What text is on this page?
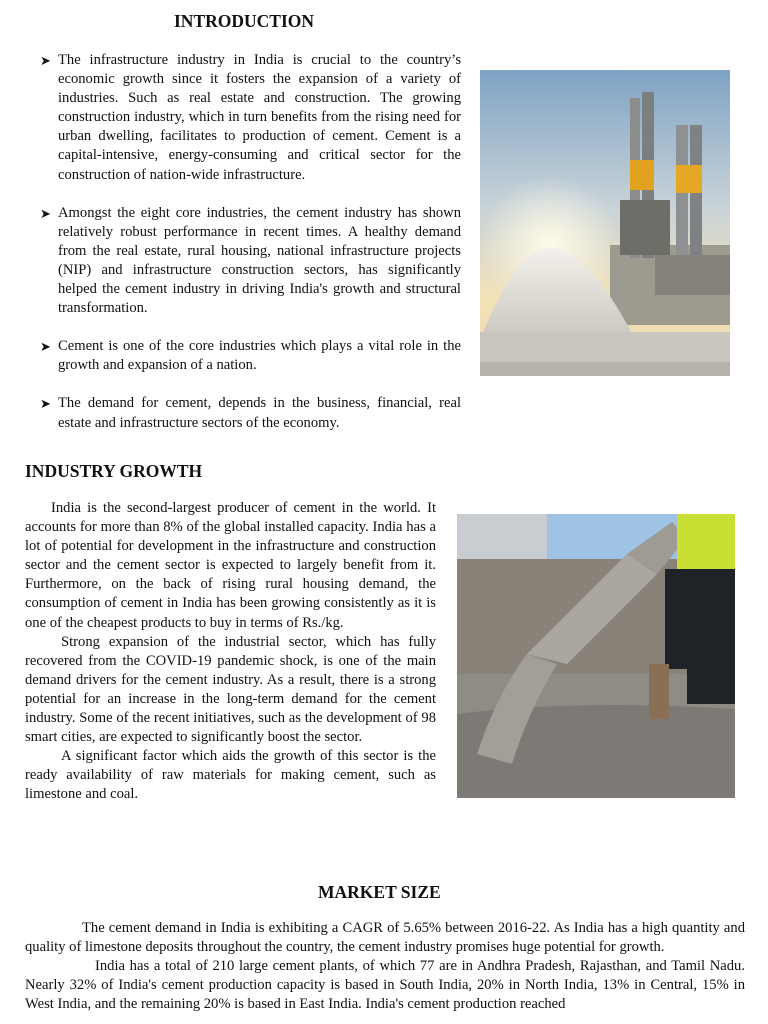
INTRODUCTION
➤ The infrastructure industry in India is crucial to the country’s economic growth since it fosters the expansion of a variety of industries. Such as real estate and construction. The growing construction industry, which in turn benefits from the rising need for urban dwelling, facilitates to production of cement. Cement is a capital-intensive, energy-consuming and critical sector for the construction of nation-wide infrastructure.
➤ Amongst the eight core industries, the cement industry has shown relatively robust performance in recent times. A healthy demand from the real estate, rural housing, national infrastructure projects (NIP) and infrastructure construction sectors, has significantly helped the cement industry in driving India's growth and structural transformation.
➤ Cement is one of the core industries which plays a vital role in the growth and expansion of a nation.
➤ The demand for cement, depends in the business, financial, real estate and infrastructure sectors of the economy.
INDUSTRY GROWTH

India is the second-largest producer of cement in the world. It accounts for more than 8% of the global installed capacity. India has a lot of potential for development in the infrastructure and construction sector and the cement sector is expected to largely benefit from it. Furthermore, on the back of rising rural housing demand, the consumption of cement in India has been growing consistently as it is one of the cheapest products to buy in terms of Rs./kg.

Strong expansion of the industrial sector, which has fully recovered from the COVID-19 pandemic shock, is one of the main demand drivers for the cement industry. As a result, there is a strong potential for an increase in the long-term demand for the cement industry. Some of the recent initiatives, such as the development of 98 smart cities, are expected to significantly boost the sector.

A significant factor which aids the growth of this sector is the ready availability of raw materials for making cement, such as limestone and coal.

MARKET SIZE

The cement demand in India is exhibiting a CAGR of 5.65% between 2016-22. As India has a high quantity and quality of limestone deposits throughout the country, the cement industry promises huge potential for growth.

India has a total of 210 large cement plants, of which 77 are in Andhra Pradesh, Rajasthan, and Tamil Nadu. Nearly 32% of India's cement production capacity is based in South India, 20% in North India, 13% in Central, 15% in West India, and the remaining 20% is based in East India. India's cement production reached
